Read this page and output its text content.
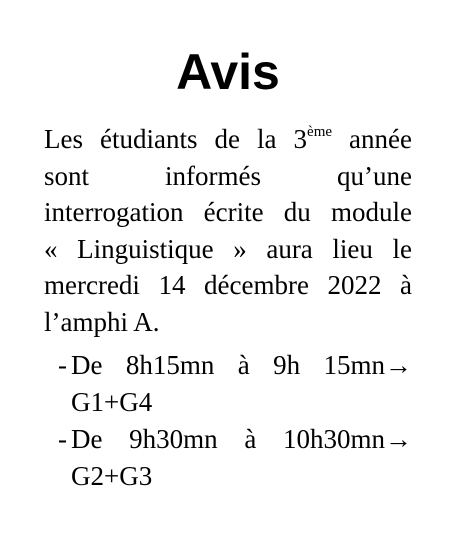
Avis
Les étudiants de la 3ème année
sont informés qu’une
interrogation écrite du module
« Linguistique » aura lieu le
mercredi 14 décembre 2022 à
l’amphi A.
- De 8h15mn à 9h 15mn→
G1+G4
- De 9h30mn à 10h30mn→
G2+G3
